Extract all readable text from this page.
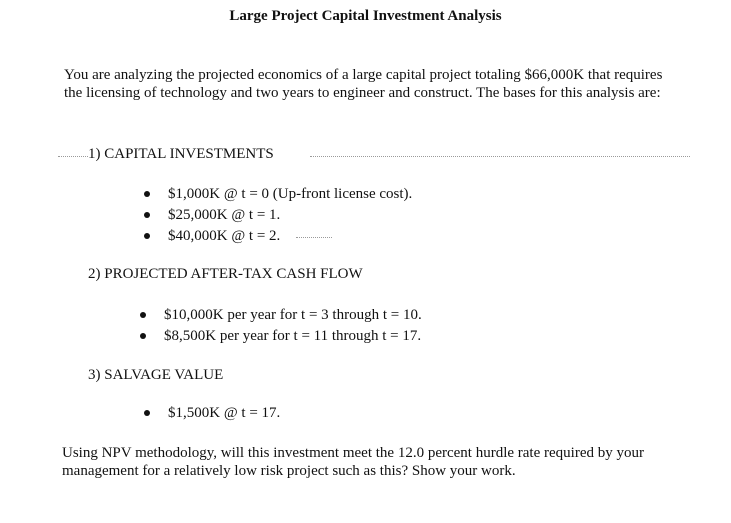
Large Project Capital Investment Analysis
You are analyzing the projected economics of a large capital project totaling $66,000K that requires the licensing of technology and two years to engineer and construct. The bases for this analysis are:
1) CAPITAL INVESTMENTS
$1,000K @ t = 0 (Up-front license cost).
$25,000K @ t = 1.
$40,000K @ t = 2.
2) PROJECTED AFTER-TAX CASH FLOW
$10,000K per year for t = 3 through t = 10.
$8,500K per year for t = 11 through t = 17.
3) SALVAGE VALUE
$1,500K @ t = 17.
Using NPV methodology, will this investment meet the 12.0 percent hurdle rate required by your management for a relatively low risk project such as this? Show your work.
